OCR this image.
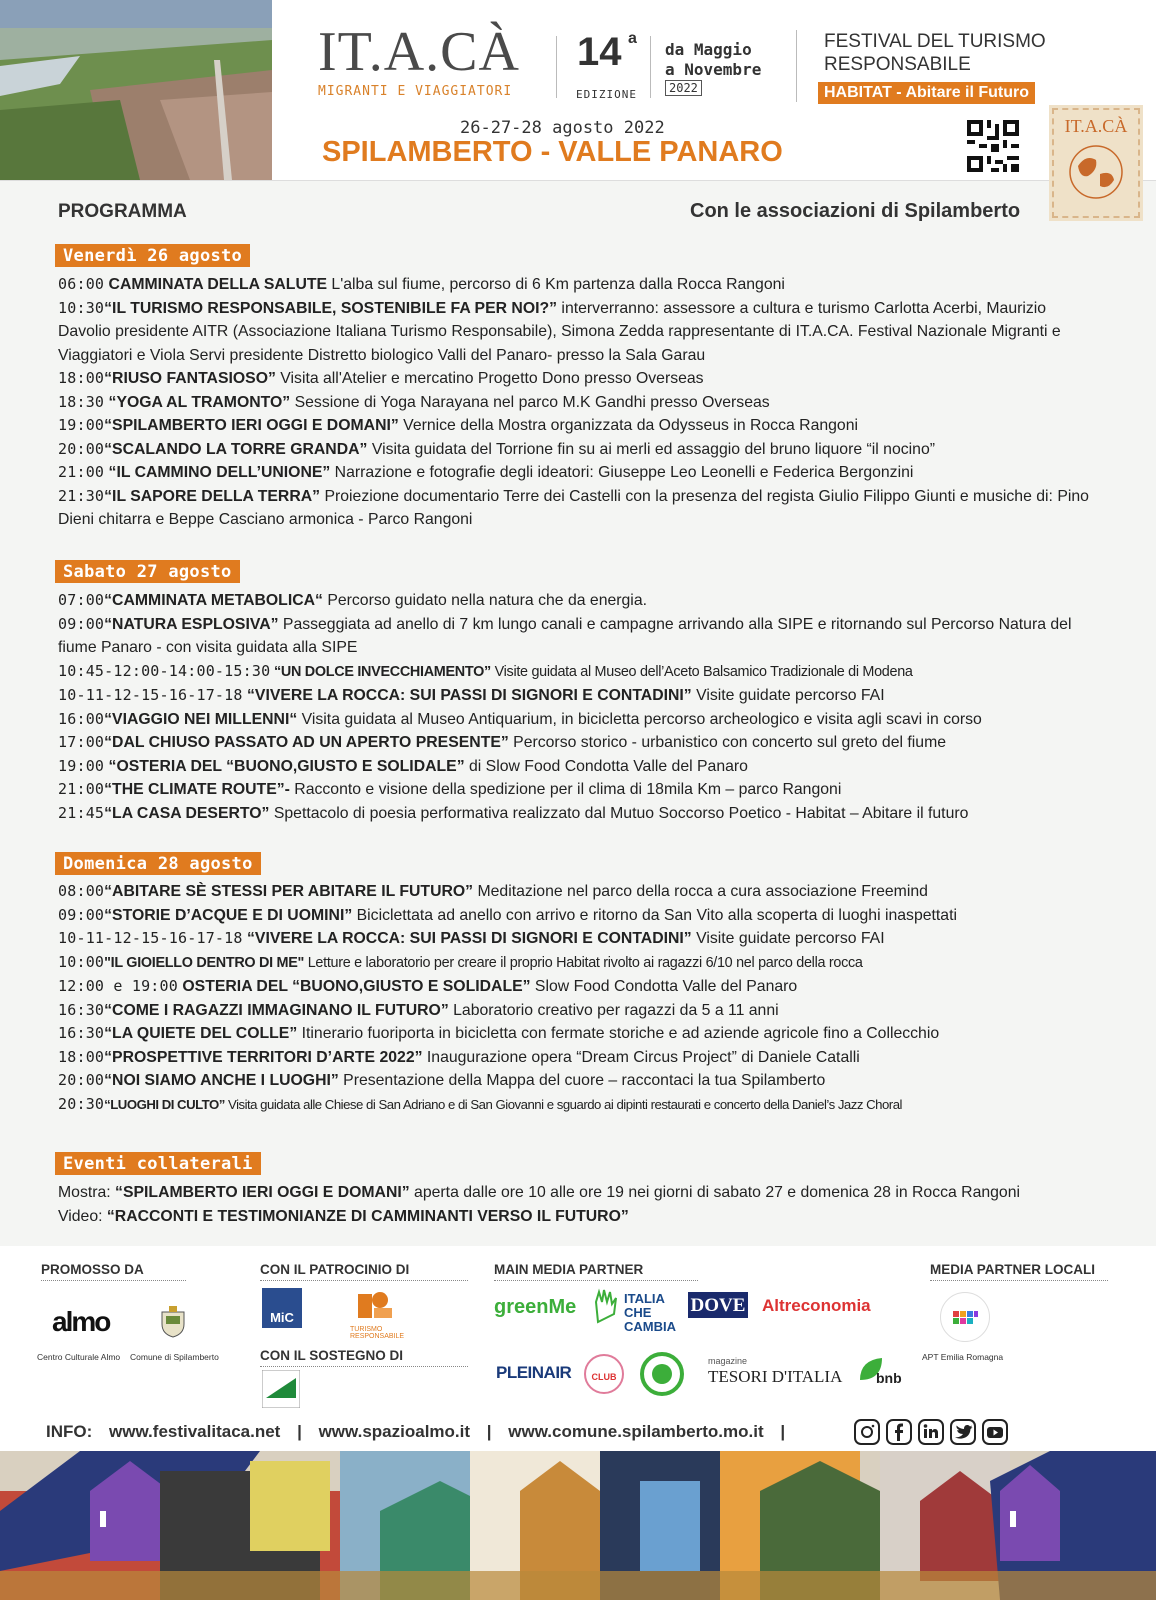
IT.A.CÀ
MIGRANTI E VIAGGIATORI
14 a
EDIZIONE
da Maggio
a Novembre
2022
FESTIVAL DEL TURISMO
RESPONSABILE
HABITAT - Abitare il Futuro
26-27-28 agosto 2022
SPILAMBERTO - VALLE PANARO
IT.A.CÀ
PROGRAMMA	Con le associazioni di Spilamberto
Venerdì 26 agosto

06:00 CAMMINATA DELLA SALUTE L'alba sul fiume, percorso di 6 Km partenza dalla Rocca Rangoni

10:30“IL TURISMO RESPONSABILE, SOSTENIBILE FA PER NOI?” interverranno: assessore a cultura e turismo Carlotta Acerbi, Maurizio Davolio presidente AITR (Associazione Italiana Turismo Responsabile), Simona Zedda rappresentante di IT.A.CA. Festival Nazionale Migranti e Viaggiatori e Viola Servi presidente Distretto biologico Valli del Panaro- presso la Sala Garau

18:00“RIUSO FANTASIOSO” Visita all'Atelier e mercatino Progetto Dono presso Overseas

18:30 “YOGA AL TRAMONTO” Sessione di Yoga Narayana nel parco M.K Gandhi presso Overseas

19:00“SPILAMBERTO IERI OGGI E DOMANI” Vernice della Mostra organizzata da Odysseus in Rocca Rangoni

20:00“SCALANDO LA TORRE GRANDA” Visita guidata del Torrione fin su ai merli ed assaggio del bruno liquore “il nocino”

21:00 “IL CAMMINO DELL’UNIONE” Narrazione e fotografie degli ideatori: Giuseppe Leo Leonelli e Federica Bergonzini

21:30“IL SAPORE DELLA TERRA” Proiezione documentario Terre dei Castelli con la presenza del regista Giulio Filippo Giunti e musiche di: Pino Dieni chitarra e Beppe Casciano armonica - Parco Rangoni

Sabato 27 agosto

07:00“CAMMINATA METABOLICA“ Percorso guidato nella natura che da energia.

09:00“NATURA ESPLOSIVA” Passeggiata ad anello di 7 km lungo canali e campagne arrivando alla SIPE e ritornando sul Percorso Natura del fiume Panaro - con visita guidata alla SIPE

10:45-12:00-14:00-15:30 “UN DOLCE INVECCHIAMENTO” Visite guidata al Museo dell’Aceto Balsamico Tradizionale di Modena

10-11-12-15-16-17-18 “VIVERE LA ROCCA: SUI PASSI DI SIGNORI E CONTADINI” Visite guidate percorso FAI

16:00“VIAGGIO NEI MILLENNI“ Visita guidata al Museo Antiquarium, in bicicletta percorso archeologico e visita agli scavi in corso

17:00“DAL CHIUSO PASSATO AD UN APERTO PRESENTE” Percorso storico - urbanistico con concerto sul greto del fiume

19:00 “OSTERIA DEL “BUONO,GIUSTO E SOLIDALE” di Slow Food Condotta Valle del Panaro

21:00“THE CLIMATE ROUTE”- Racconto e visione della spedizione per il clima di 18mila Km – parco Rangoni

21:45“LA CASA DESERTO” Spettacolo di poesia performativa realizzato dal Mutuo Soccorso Poetico - Habitat – Abitare il futuro

Domenica 28 agosto

08:00“ABITARE SÈ STESSI PER ABITARE IL FUTURO” Meditazione nel parco della rocca a cura associazione Freemind

09:00“STORIE D’ACQUE E DI UOMINI” Biciclettata ad anello con arrivo e ritorno da San Vito alla scoperta di luoghi inaspettati

10-11-12-15-16-17-18 “VIVERE LA ROCCA: SUI PASSI DI SIGNORI E CONTADINI” Visite guidate percorso FAI

10:00"IL GIOIELLO DENTRO DI ME" Letture e laboratorio per creare il proprio Habitat rivolto ai ragazzi 6/10 nel parco della rocca

12:00 e 19:00 OSTERIA DEL “BUONO,GIUSTO E SOLIDALE” Slow Food Condotta Valle del Panaro

16:30“COME I RAGAZZI IMMAGINANO IL FUTURO” Laboratorio creativo per ragazzi da 5 a 11 anni

16:30“LA QUIETE DEL COLLE” Itinerario fuoriporta in bicicletta con fermate storiche e ad aziende agricole fino a Collecchio

18:00“PROSPETTIVE TERRITORI D’ARTE 2022” Inaugurazione opera “Dream Circus Project” di Daniele Catalli

20:00“NOI SIAMO ANCHE I LUOGHI” Presentazione della Mappa del cuore – raccontaci la tua Spilamberto

20:30“LUOGHI DI CULTO” Visita guidata alle Chiese di San Adriano e di San Giovanni e sguardo ai dipinti restaurati e concerto della Daniel’s Jazz Choral

Eventi collaterali

Mostra: “SPILAMBERTO IERI OGGI E DOMANI” aperta dalle ore 10 alle ore 19 nei giorni di sabato 27 e domenica 28 in Rocca Rangoni

Video: “RACCONTI E TESTIMONIANZE DI CAMMINANTI VERSO IL FUTURO”

PROMOSSO DA	CON IL PATROCINIO DI
CON IL SOSTEGNO DI
MAIN MEDIA PARTNER	MEDIA PARTNER LOCALI
almo
Centro Culturale Almo Comune di Spilamberto
MiC
TURISMO RESPONSABILE
greenMe	ITALIA CHE CAMBIA
DOVE Altreconomia
PLEINAIR	CLUB
magazine
TESORI D'ITALIA bnb
APT Emilia Romagna
INFO: www.festivalitaca.net | www.spazioalmo.it | www.comune.spilamberto.mo.it |
